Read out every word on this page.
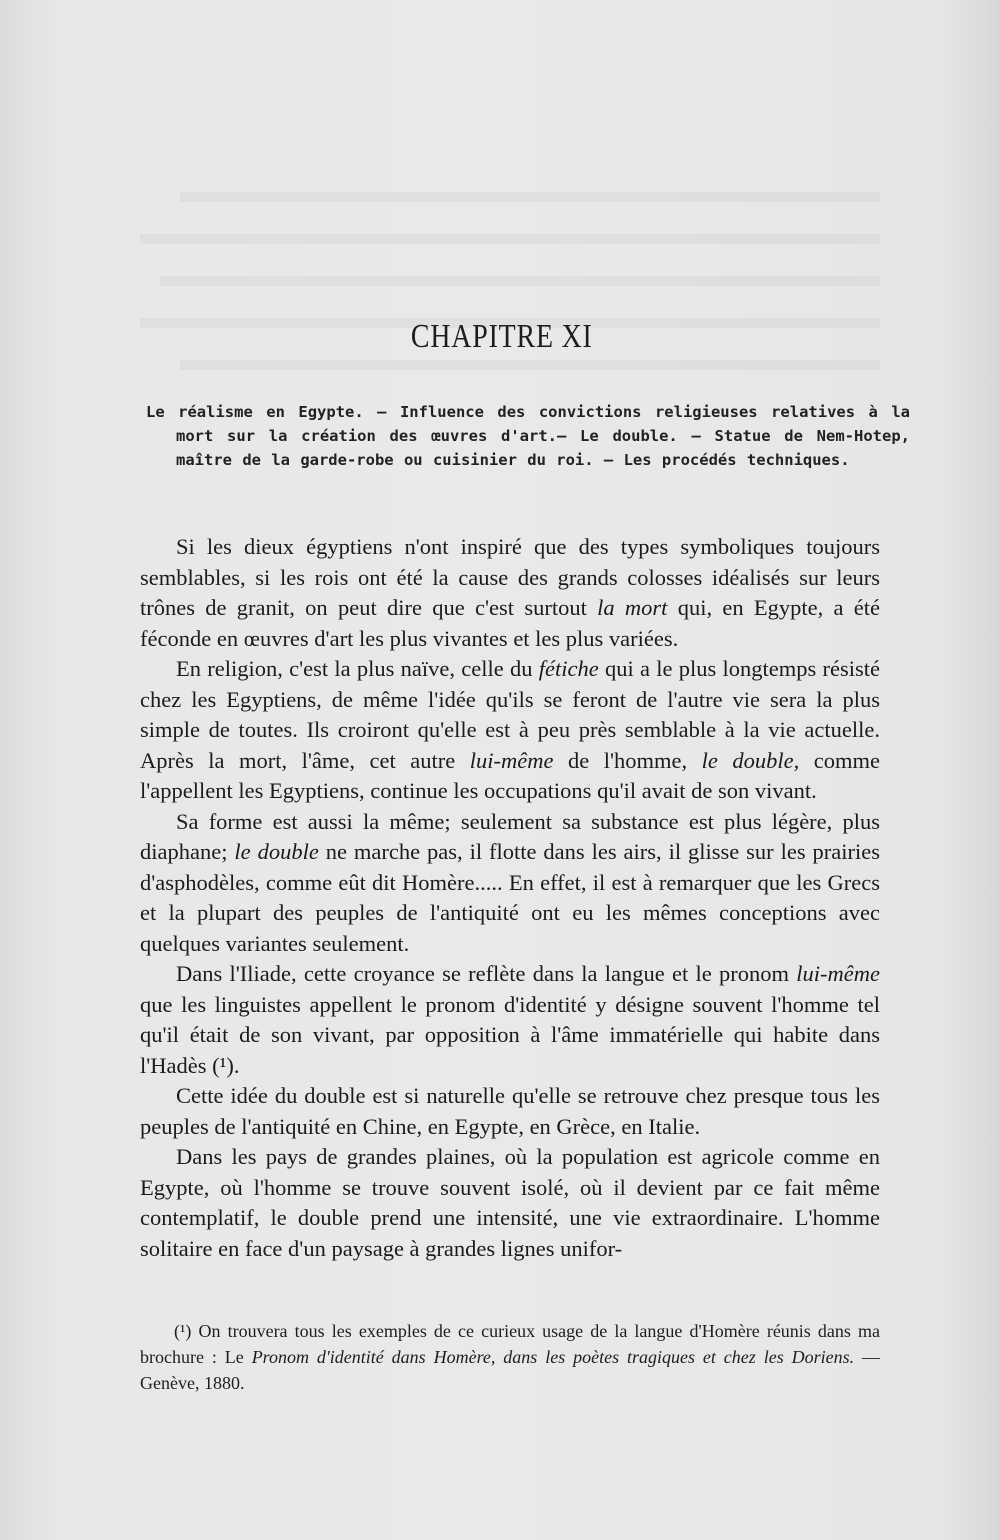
CHAPITRE XI
Le réalisme en Egypte. — Influence des convictions religieuses relatives à la mort sur la création des œuvres d'art.— Le double. — Statue de Nem-Hotep, maître de la garde-robe ou cuisinier du roi. — Les procédés techniques.

Si les dieux égyptiens n'ont inspiré que des types symboliques toujours semblables, si les rois ont été la cause des grands colosses idéalisés sur leurs trônes de granit, on peut dire que c'est surtout la mort qui, en Egypte, a été féconde en œuvres d'art les plus vivantes et les plus variées.

En religion, c'est la plus naïve, celle du fétiche qui a le plus longtemps résisté chez les Egyptiens, de même l'idée qu'ils se feront de l'autre vie sera la plus simple de toutes. Ils croiront qu'elle est à peu près semblable à la vie actuelle. Après la mort, l'âme, cet autre lui-même de l'homme, le double, comme l'appellent les Egyptiens, continue les occupations qu'il avait de son vivant.

Sa forme est aussi la même; seulement sa substance est plus légère, plus diaphane; le double ne marche pas, il flotte dans les airs, il glisse sur les prairies d'asphodèles, comme eût dit Homère..... En effet, il est à remarquer que les Grecs et la plupart des peuples de l'antiquité ont eu les mêmes conceptions avec quelques variantes seulement.

Dans l'Iliade, cette croyance se reflète dans la langue et le pronom lui-même que les linguistes appellent le pronom d'identité y désigne souvent l'homme tel qu'il était de son vivant, par opposition à l'âme immatérielle qui habite dans l'Hadès (¹).

Cette idée du double est si naturelle qu'elle se retrouve chez presque tous les peuples de l'antiquité en Chine, en Egypte, en Grèce, en Italie.

Dans les pays de grandes plaines, où la population est agricole comme en Egypte, où l'homme se trouve souvent isolé, où il devient par ce fait même contemplatif, le double prend une intensité, une vie extraordinaire. L'homme solitaire en face d'un paysage à grandes lignes unifor-

(¹) On trouvera tous les exemples de ce curieux usage de la langue d'Homère réunis dans ma brochure : Le Pronom d'identité dans Homère, dans les poètes tragiques et chez les Doriens. — Genève, 1880.
